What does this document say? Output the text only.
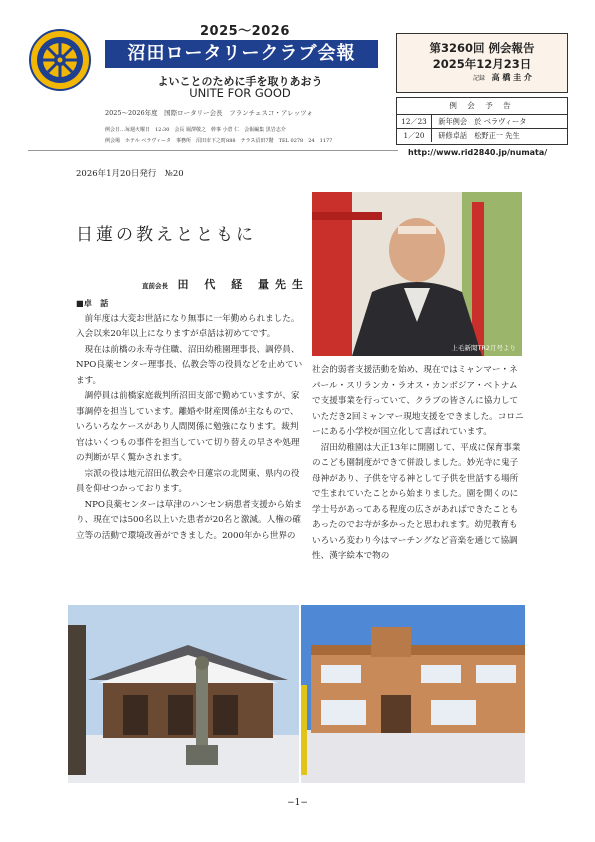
2025〜2026
沼田ロータリークラブ会報
よいことのために手を取りあおう
UNITE FOR GOOD
2025〜2026年度　国際ロータリー会長　フランチェスコ・アレッツォ
例会日…毎週火曜日　12:30　会長 堀澤敬之　幹事 小倉 仁　会報編集 黒岩志介
例会場　ホテル ベラヴィータ　事務所　沼田市下之町888　テラス沼田7階　TEL 0278　24　1177
第3260回 例会報告
2025年12月23日
記録 高 橋 圭 介
例 会 予 告
12／23 新年例会　於 ベラヴィータ
1／20 研修卓話　松野正一 先生
http://www.rid2840.jp/numata/
2026年1月20日発行　№20
日蓮の教えとともに
直前会長 田 代 経 量先生
■卓　話

前年度は大変お世話になり無事に一年勤められました。入会以来20年以上になりますが卓話は初めてです。

現在は前橋の永寿寺住職、沼田幼稚園理事長、調停員、NPO良薬センター理事長、仏教会等の役員などを止めています。

調停員は前橋家庭裁判所沼田支部で勤めていますが、家事調停を担当しています。離婚や財産関係が主なもので、いろいろなケースがあり人間関係に勉強になります。裁判官はいくつもの事件を担当していて切り替えの早さや処理の判断が早く驚かされます。

宗派の役は地元沼田仏教会や日蓮宗の北関東、県内の役員を仰せつかっております。

NPO良薬センターは草津のハンセン病患者支援から始まり、現在では500名以上いた患者が20名と激減。人権の確立等の活動で環境改善ができました。2000年から世界の

社会的弱者支援活動を始め、現在ではミャンマー・ネパール・スリランカ・ラオス・カンボジア・ベトナムで支援事業を行っていて、クラブの皆さんに協力していただき2回ミャンマー現地支援をできました。コロニーにある小学校が国立化して喜ばれています。

沼田幼稚園は大正13年に開園して、平成に保育事業のこども園制度ができて併設しました。妙光寺に鬼子母神があり、子供を守る神として子供を世話する場所で生まれていたことから始まりました。園を開くのに学士号があってある程度の広さがあればできたこともあったのでお寺が多かったと思われます。幼児教育もいろいろ変わり今はマーチングなど音楽を通じて協調性、漢字絵本で物の

上毛新聞TR2月号より
−1−
